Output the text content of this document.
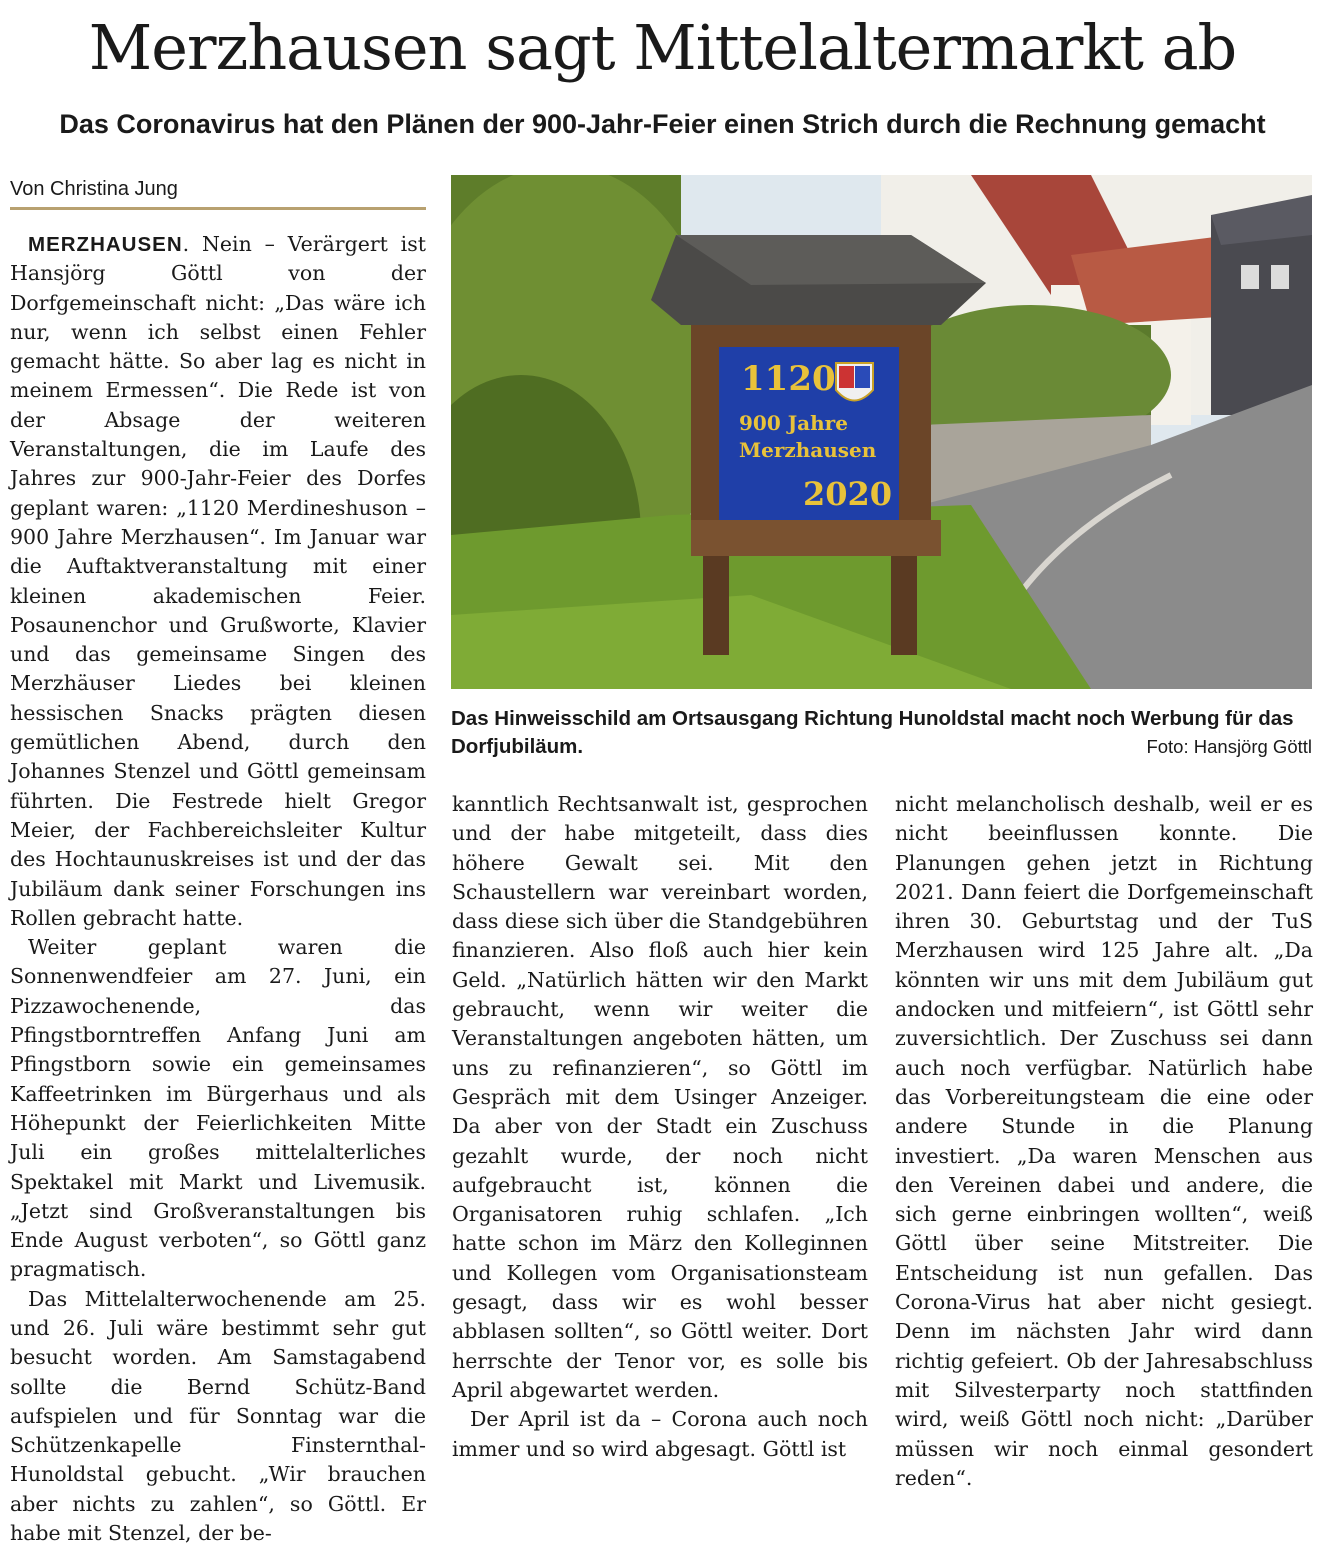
Merzhausen sagt Mittelaltermarkt ab
Das Coronavirus hat den Plänen der 900-Jahr-Feier einen Strich durch die Rechnung gemacht
Von Christina Jung

MERZHAUSEN. Nein – Verärgert ist Hansjörg Göttl von der Dorfgemeinschaft nicht: „Das wäre ich nur, wenn ich selbst einen Fehler gemacht hätte. So aber lag es nicht in meinem Ermessen“. Die Rede ist von der Absage der weiteren Veranstaltungen, die im Laufe des Jahres zur 900-Jahr-Feier des Dorfes geplant waren: „1120 Merdineshuson – 900 Jahre Merzhausen“. Im Januar war die Auftaktveranstaltung mit einer kleinen akademischen Feier. Posaunenchor und Grußworte, Klavier und das gemeinsame Singen des Merzhäuser Liedes bei kleinen hessischen Snacks prägten diesen gemütlichen Abend, durch den Johannes Stenzel und Göttl gemeinsam führten. Die Festrede hielt Gregor Meier, der Fachbereichsleiter Kultur des Hochtaunuskreises ist und der das Jubiläum dank seiner Forschungen ins Rollen gebracht hatte.

Weiter geplant waren die Sonnenwendfeier am 27. Juni, ein Pizzawochenende, das Pfingstborntreffen Anfang Juni am Pfingstborn sowie ein gemeinsames Kaffeetrinken im Bürgerhaus und als Höhepunkt der Feierlichkeiten Mitte Juli ein großes mittelalterliches Spektakel mit Markt und Livemusik. „Jetzt sind Großveranstaltungen bis Ende August verboten“, so Göttl ganz pragmatisch.

Das Mittelalterwochenende am 25. und 26. Juli wäre bestimmt sehr gut besucht worden. Am Samstagabend sollte die Bernd Schütz-Band aufspielen und für Sonntag war die Schützenkapelle Finsternthal-Hunoldstal gebucht. „Wir brauchen aber nichts zu zahlen“, so Göttl. Er habe mit Stenzel, der be-

1120
900 Jahre
Merzhausen
2020
Das Hinweisschild am Ortsausgang Richtung Hunoldstal macht noch Werbung für das Dorfjubiläum.	Foto: Hansjörg Göttl

kanntlich Rechtsanwalt ist, gesprochen und der habe mitgeteilt, dass dies höhere Gewalt sei. Mit den Schaustellern war vereinbart worden, dass diese sich über die Standgebühren finanzieren. Also floß auch hier kein Geld. „Natürlich hätten wir den Markt gebraucht, wenn wir weiter die Veranstaltungen angeboten hätten, um uns zu refinanzieren“, so Göttl im Gespräch mit dem Usinger Anzeiger. Da aber von der Stadt ein Zuschuss gezahlt wurde, der noch nicht aufgebraucht ist, können die Organisatoren ruhig schlafen. „Ich hatte schon im März den Kolleginnen und Kollegen vom Organisationsteam gesagt, dass wir es wohl besser abblasen sollten“, so Göttl weiter. Dort herrschte der Tenor vor, es solle bis April abgewartet werden.

Der April ist da – Corona auch noch immer und so wird abgesagt. Göttl ist

nicht melancholisch deshalb, weil er es nicht beeinflussen konnte. Die Planungen gehen jetzt in Richtung 2021. Dann feiert die Dorfgemeinschaft ihren 30. Geburtstag und der TuS Merzhausen wird 125 Jahre alt. „Da könnten wir uns mit dem Jubiläum gut andocken und mitfeiern“, ist Göttl sehr zuversichtlich. Der Zuschuss sei dann auch noch verfügbar. Natürlich habe das Vorbereitungsteam die eine oder andere Stunde in die Planung investiert. „Da waren Menschen aus den Vereinen dabei und andere, die sich gerne einbringen wollten“, weiß Göttl über seine Mitstreiter. Die Entscheidung ist nun gefallen. Das Corona-Virus hat aber nicht gesiegt. Denn im nächsten Jahr wird dann richtig gefeiert. Ob der Jahresabschluss mit Silvesterparty noch stattfinden wird, weiß Göttl noch nicht: „Darüber müssen wir noch einmal gesondert reden“.
